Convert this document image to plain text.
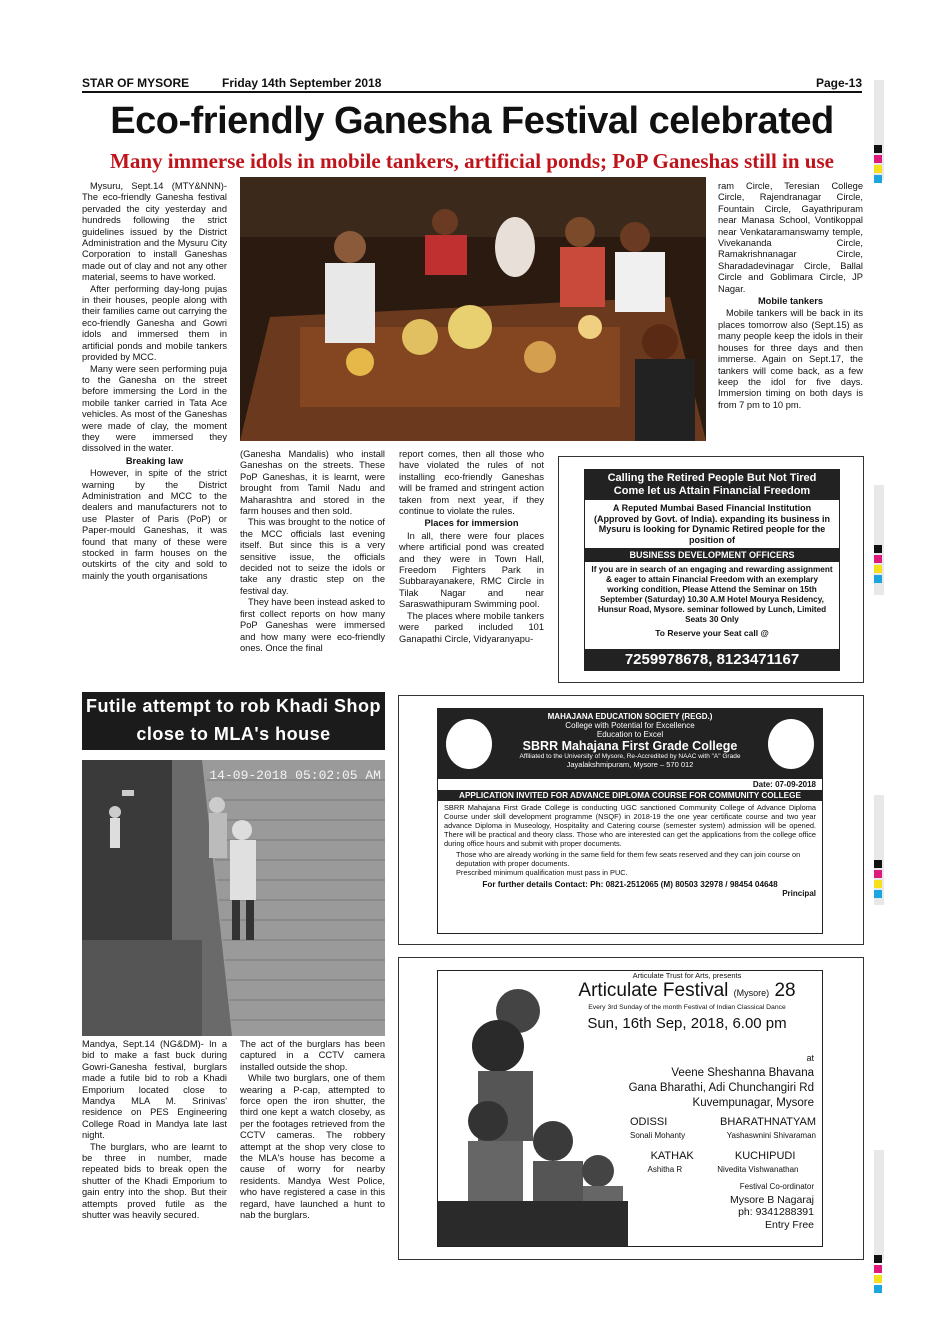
STAR OF MYSORE	Friday 14th September 2018	Page-13
Eco-friendly Ganesha Festival celebrated
Many immerse idols in mobile tankers, artificial ponds; PoP Ganeshas still in use

Mysuru, Sept.14 (MTY&NNN)- The eco-friendly Ganesha festival pervaded the city yesterday and hundreds following the strict guidelines issued by the District Administration and the Mysuru City Corporation to install Ganeshas made out of clay and not any other material, seems to have worked.

After performing day-long pujas in their houses, people along with their families came out carrying the eco-friendly Ganesha and Gowri idols and immersed them in artificial ponds and mobile tankers provided by MCC.

Many were seen performing puja to the Ganesha on the street before immersing the Lord in the mobile tanker carried in Tata Ace vehicles. As most of the Ganeshas were made of clay, the moment they were immersed they dissolved in the water.

Breaking law

However, in spite of the strict warning by the District Administration and MCC to the dealers and manufacturers not to use Plaster of Paris (PoP) or Paper-mould Ganeshas, it was found that many of these were stocked in farm houses on the outskirts of the city and sold to mainly the youth organisations

(Ganesha Mandalis) who install Ganeshas on the streets. These PoP Ganeshas, it is learnt, were brought from Tamil Nadu and Maharashtra and stored in the farm houses and then sold.

This was brought to the notice of the MCC officials last evening itself. But since this is a very sensitive issue, the officials decided not to seize the idols or take any drastic step on the festival day.

They have been instead asked to first collect reports on how many PoP Ganeshas were immersed and how many were eco-friendly ones. Once the final

report comes, then all those who have violated the rules of not installing eco-friendly Ganeshas will be framed and stringent action taken from next year, if they continue to violate the rules.

Places for immersion

In all, there were four places where artificial pond was created and they were in Town Hall, Freedom Fighters Park in Subbarayanakere, RMC Circle in Tilak Nagar and near Saraswathipuram Swimming pool.

The places where mobile tankers were parked included 101 Ganapathi Circle, Vidyaranyapu-

ram Circle, Teresian College Circle, Rajendranagar Circle, Fountain Circle, Gayathripuram near Manasa School, Vontikoppal near Venkataramanswamy temple, Vivekananda Circle, Ramakrishnanagar Circle, Sharadadevinagar Circle, Ballal Circle and Goblimara Circle, JP Nagar.

Mobile tankers

Mobile tankers will be back in its places tomorrow also (Sept.15) as many people keep the idols in their houses for three days and then immerse. Again on Sept.17, the tankers will come back, as a few keep the idol for five days. Immersion timing on both days is from 7 pm to 10 pm.

Calling the Retired People But Not Tired
Come let us Attain Financial Freedom
A Reputed Mumbai Based Financial Institution (Approved by Govt. of India). expanding its business in Mysuru is looking for Dynamic Retired people for the position of
BUSINESS DEVELOPMENT OFFICERS
If you are in search of an engaging and rewarding assignment & eager to attain Financial Freedom with an exemplary working condition, Please Attend the Seminar on 15th September (Saturday) 10.30 A.M Hotel Mourya Residency, Hunsur Road, Mysore. seminar followed by Lunch, Limited Seats 30 Only
To Reserve your Seat call @
7259978678, 8123471167
Futile attempt to rob Khadi Shop
close to MLA's house
14-09-2018 05:02:05 AM

Mandya, Sept.14 (NG&DM)- In a bid to make a fast buck during Gowri-Ganesha festival, burglars made a futile bid to rob a Khadi Emporium located close to Mandya MLA M. Srinivas' residence on PES Engineering College Road in Mandya late last night.

The burglars, who are learnt to be three in number, made repeated bids to break open the shutter of the Khadi Emporium to gain entry into the shop. But their attempts proved futile as the shutter was heavily secured.

The act of the burglars has been captured in a CCTV camera installed outside the shop.

While two burglars, one of them wearing a P-cap, attempted to force open the iron shutter, the third one kept a watch closeby, as per the footages retrieved from the CCTV cameras. The robbery attempt at the shop very close to the MLA's house has become a cause of worry for nearby residents. Mandya West Police, who have registered a case in this regard, have launched a hunt to nab the burglars.

MAHAJANA EDUCATION SOCIETY (REGD.)
College with Potential for Excellence
Education to Excel
SBRR Mahajana First Grade College
Affiliated to the University of Mysore, Re-Accredited by NAAC with "A" Grade
Jayalakshmipuram, Mysore – 570 012
Date: 07-09-2018
APPLICATION INVITED FOR ADVANCE DIPLOMA COURSE FOR COMMUNITY COLLEGE
SBRR Mahajana First Grade College is conducting UGC sanctioned Community College of Advance Diploma Course under skill development programme (NSQF) in 2018-19 the one year certificate course and two year advance Diploma in Museology, Hospitality and Catering course (semester system) admission will be opened. There will be practical and theory class. Those who are interested can get the applications from the college office during office hours and submit with proper documents.
Those who are already working in the same field for them few seats reserved and they can join course on deputation with proper documents.
Prescribed minimum qualification must pass in PUC.
For further details Contact: Ph: 0821-2512065 (M) 80503 32978 / 98454 04648
Principal
Articulate Trust for Arts, presents
Articulate Festival (Mysore) 28
Every 3rd Sunday of the month Festival of Indian Classical Dance
Sun, 16th Sep, 2018, 6.00 pm
at
Veene Sheshanna Bhavana
Gana Bharathi, Adi Chunchangiri Rd
Kuvempunagar, Mysore
ODISSI	BHARATHNATYAM
Sonali Mohanty	Yashaswnini Shivaraman
KATHAK	KUCHIPUDI
Ashitha R	Nivedita Vishwanathan
Festival Co-ordinator
Mysore B Nagaraj
ph: 9341288391
Entry Free
